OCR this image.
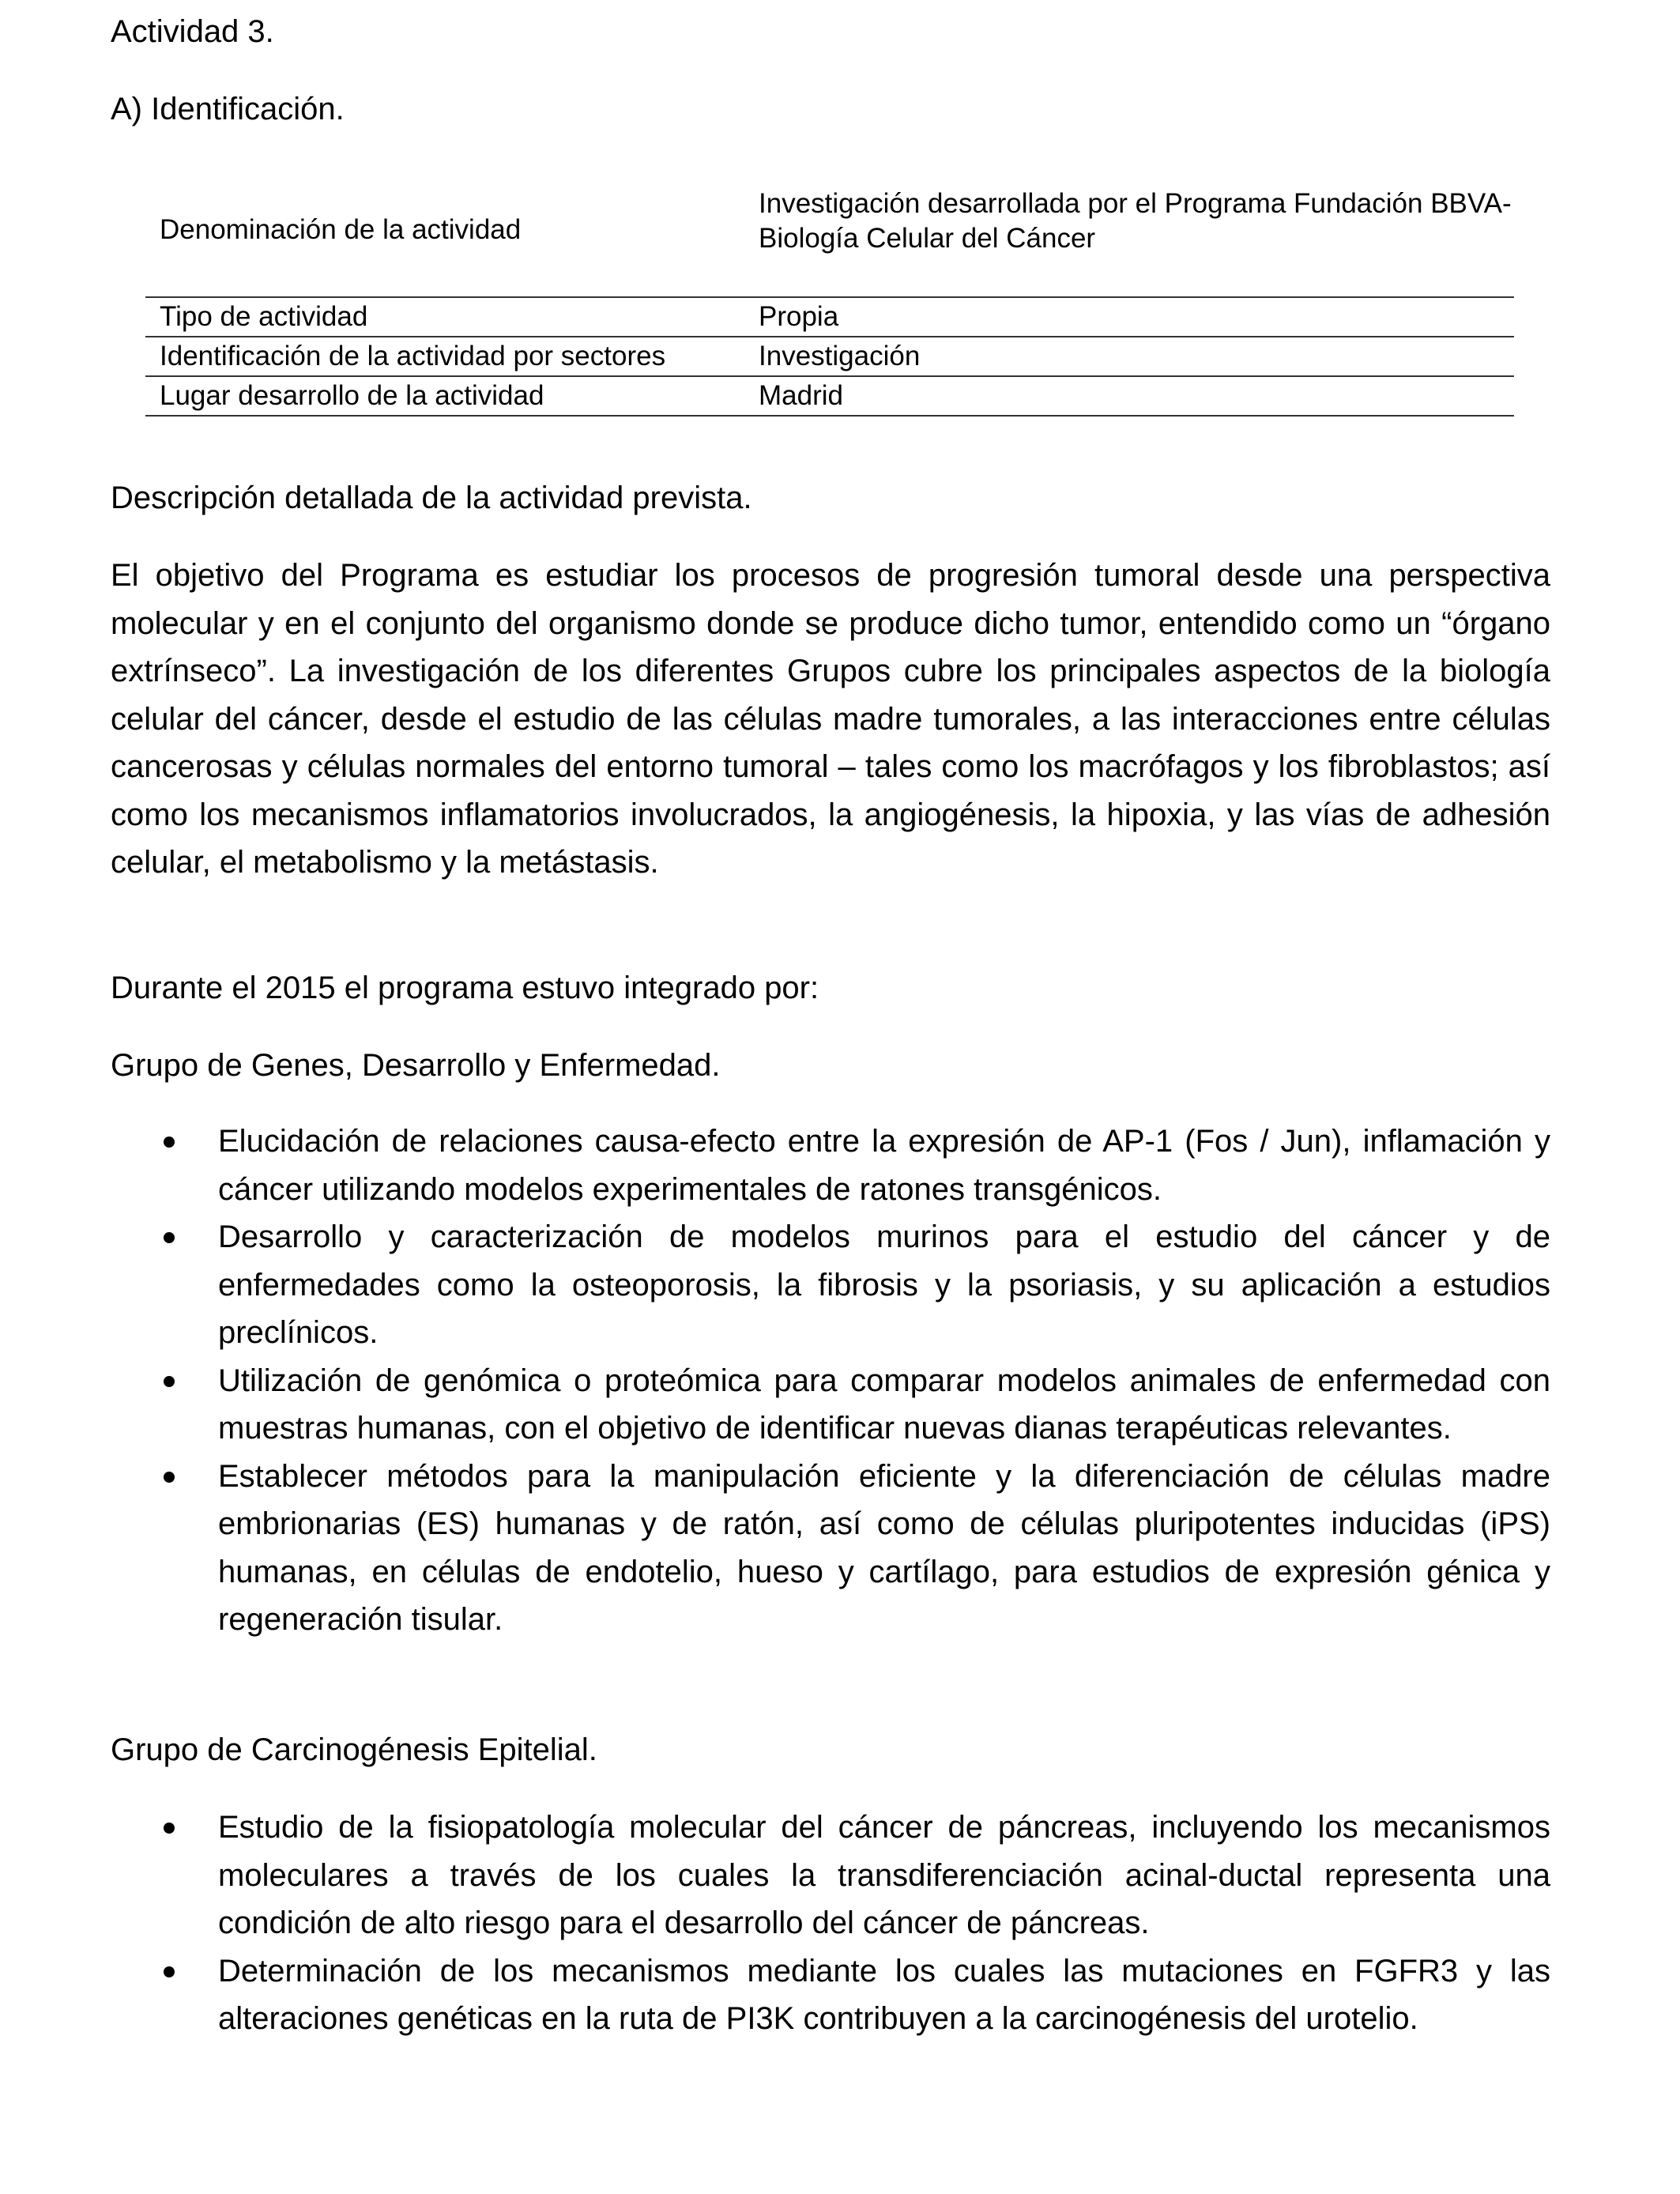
Actividad 3.
A) Identificación.
Denominación de la actividad	Investigación desarrollada por el Programa Fundación BBVA-Biología Celular del Cáncer
Tipo de actividad	Propia
Identificación de la actividad por sectores	Investigación
Lugar desarrollo de la actividad	Madrid
Descripción detallada de la actividad prevista.
El objetivo del Programa es estudiar los procesos de progresión tumoral desde una perspectiva molecular y en el conjunto del organismo donde se produce dicho tumor, entendido como un “órgano extrínseco”. La investigación de los diferentes Grupos cubre los principales aspectos de la biología celular del cáncer, desde el estudio de las células madre tumorales, a las interacciones entre células cancerosas y células normales del entorno tumoral – tales como los macrófagos y los fibroblastos; así como los mecanismos inflamatorios involucrados, la angiogénesis, la hipoxia, y las vías de adhesión celular, el metabolismo y la metástasis.
Durante el 2015 el programa estuvo integrado por:
Grupo de Genes, Desarrollo y Enfermedad.
Elucidación de relaciones causa-efecto entre la expresión de AP-1 (Fos / Jun), inflamación y cáncer utilizando modelos experimentales de ratones transgénicos.
Desarrollo y caracterización de modelos murinos para el estudio del cáncer y de enfermedades como la osteoporosis, la fibrosis y la psoriasis, y su aplicación a estudios preclínicos.
Utilización de genómica o proteómica para comparar modelos animales de enfermedad con muestras humanas, con el objetivo de identificar nuevas dianas terapéuticas relevantes.
Establecer métodos para la manipulación eficiente y la diferenciación de células madre embrionarias (ES) humanas y de ratón, así como de células pluripotentes inducidas (iPS) humanas, en células de endotelio, hueso y cartílago, para estudios de expresión génica y regeneración tisular.
Grupo de Carcinogénesis Epitelial.
Estudio de la fisiopatología molecular del cáncer de páncreas, incluyendo los mecanismos moleculares a través de los cuales la transdiferenciación acinal-ductal representa una condición de alto riesgo para el desarrollo del cáncer de páncreas.
Determinación de los mecanismos mediante los cuales las mutaciones en FGFR3 y las alteraciones genéticas en la ruta de PI3K contribuyen a la carcinogénesis del urotelio.
